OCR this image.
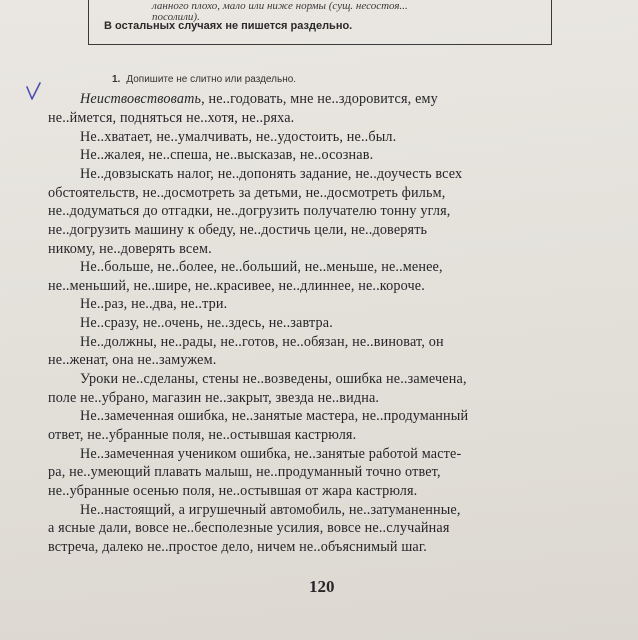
ланного плохо, мало или ниже нормы (сущ. несостоя...
посолили).
В остальных случаях не пишется раздельно.
1. Допишите не слитно или раздельно.
Неиствовствовать, не..годовать, мне не..здоровится, ему
не..ймется, подняться не..хотя, не..ряха.
Не..хватает, не..умалчивать, не..удостоить, не..был.
Не..жалея, не..спеша, не..высказав, не..осознав.
Не..довзыскать налог, не..допонять задание, не..доучесть всех
обстоятельств, не..досмотреть за детьми, не..досмотреть фильм,
не..додуматься до отгадки, не..догрузить получателю тонну угля,
не..догрузить машину к обеду, не..достичь цели, не..доверять
никому, не..доверять всем.
Не..больше, не..более, не..больший, не..меньше, не..менее,
не..меньший, не..шире, не..красивее, не..длиннее, не..короче.
Не..раз, не..два, не..три.
Не..сразу, не..очень, не..здесь, не..завтра.
Не..должны, не..рады, не..готов, не..обязан, не..виноват, он
не..женат, она не..замужем.
Уроки не..сделаны, стены не..возведены, ошибка не..замечена,
поле не..убрано, магазин не..закрыт, звезда не..видна.
Не..замеченная ошибка, не..занятые мастера, не..продуманный
ответ, не..убранные поля, не..остывшая кастрюля.
Не..замеченная учеником ошибка, не..занятые работой масте-
ра, не..умеющий плавать малыш, не..продуманный точно ответ,
не..убранные осенью поля, не..остывшая от жара кастрюля.
Не..настоящий, а игрушечный автомобиль, не..затуманенные,
а ясные дали, вовсе не..бесполезные усилия, вовсе не..случайная
встреча, далеко не..простое дело, ничем не..объяснимый шаг.
120
